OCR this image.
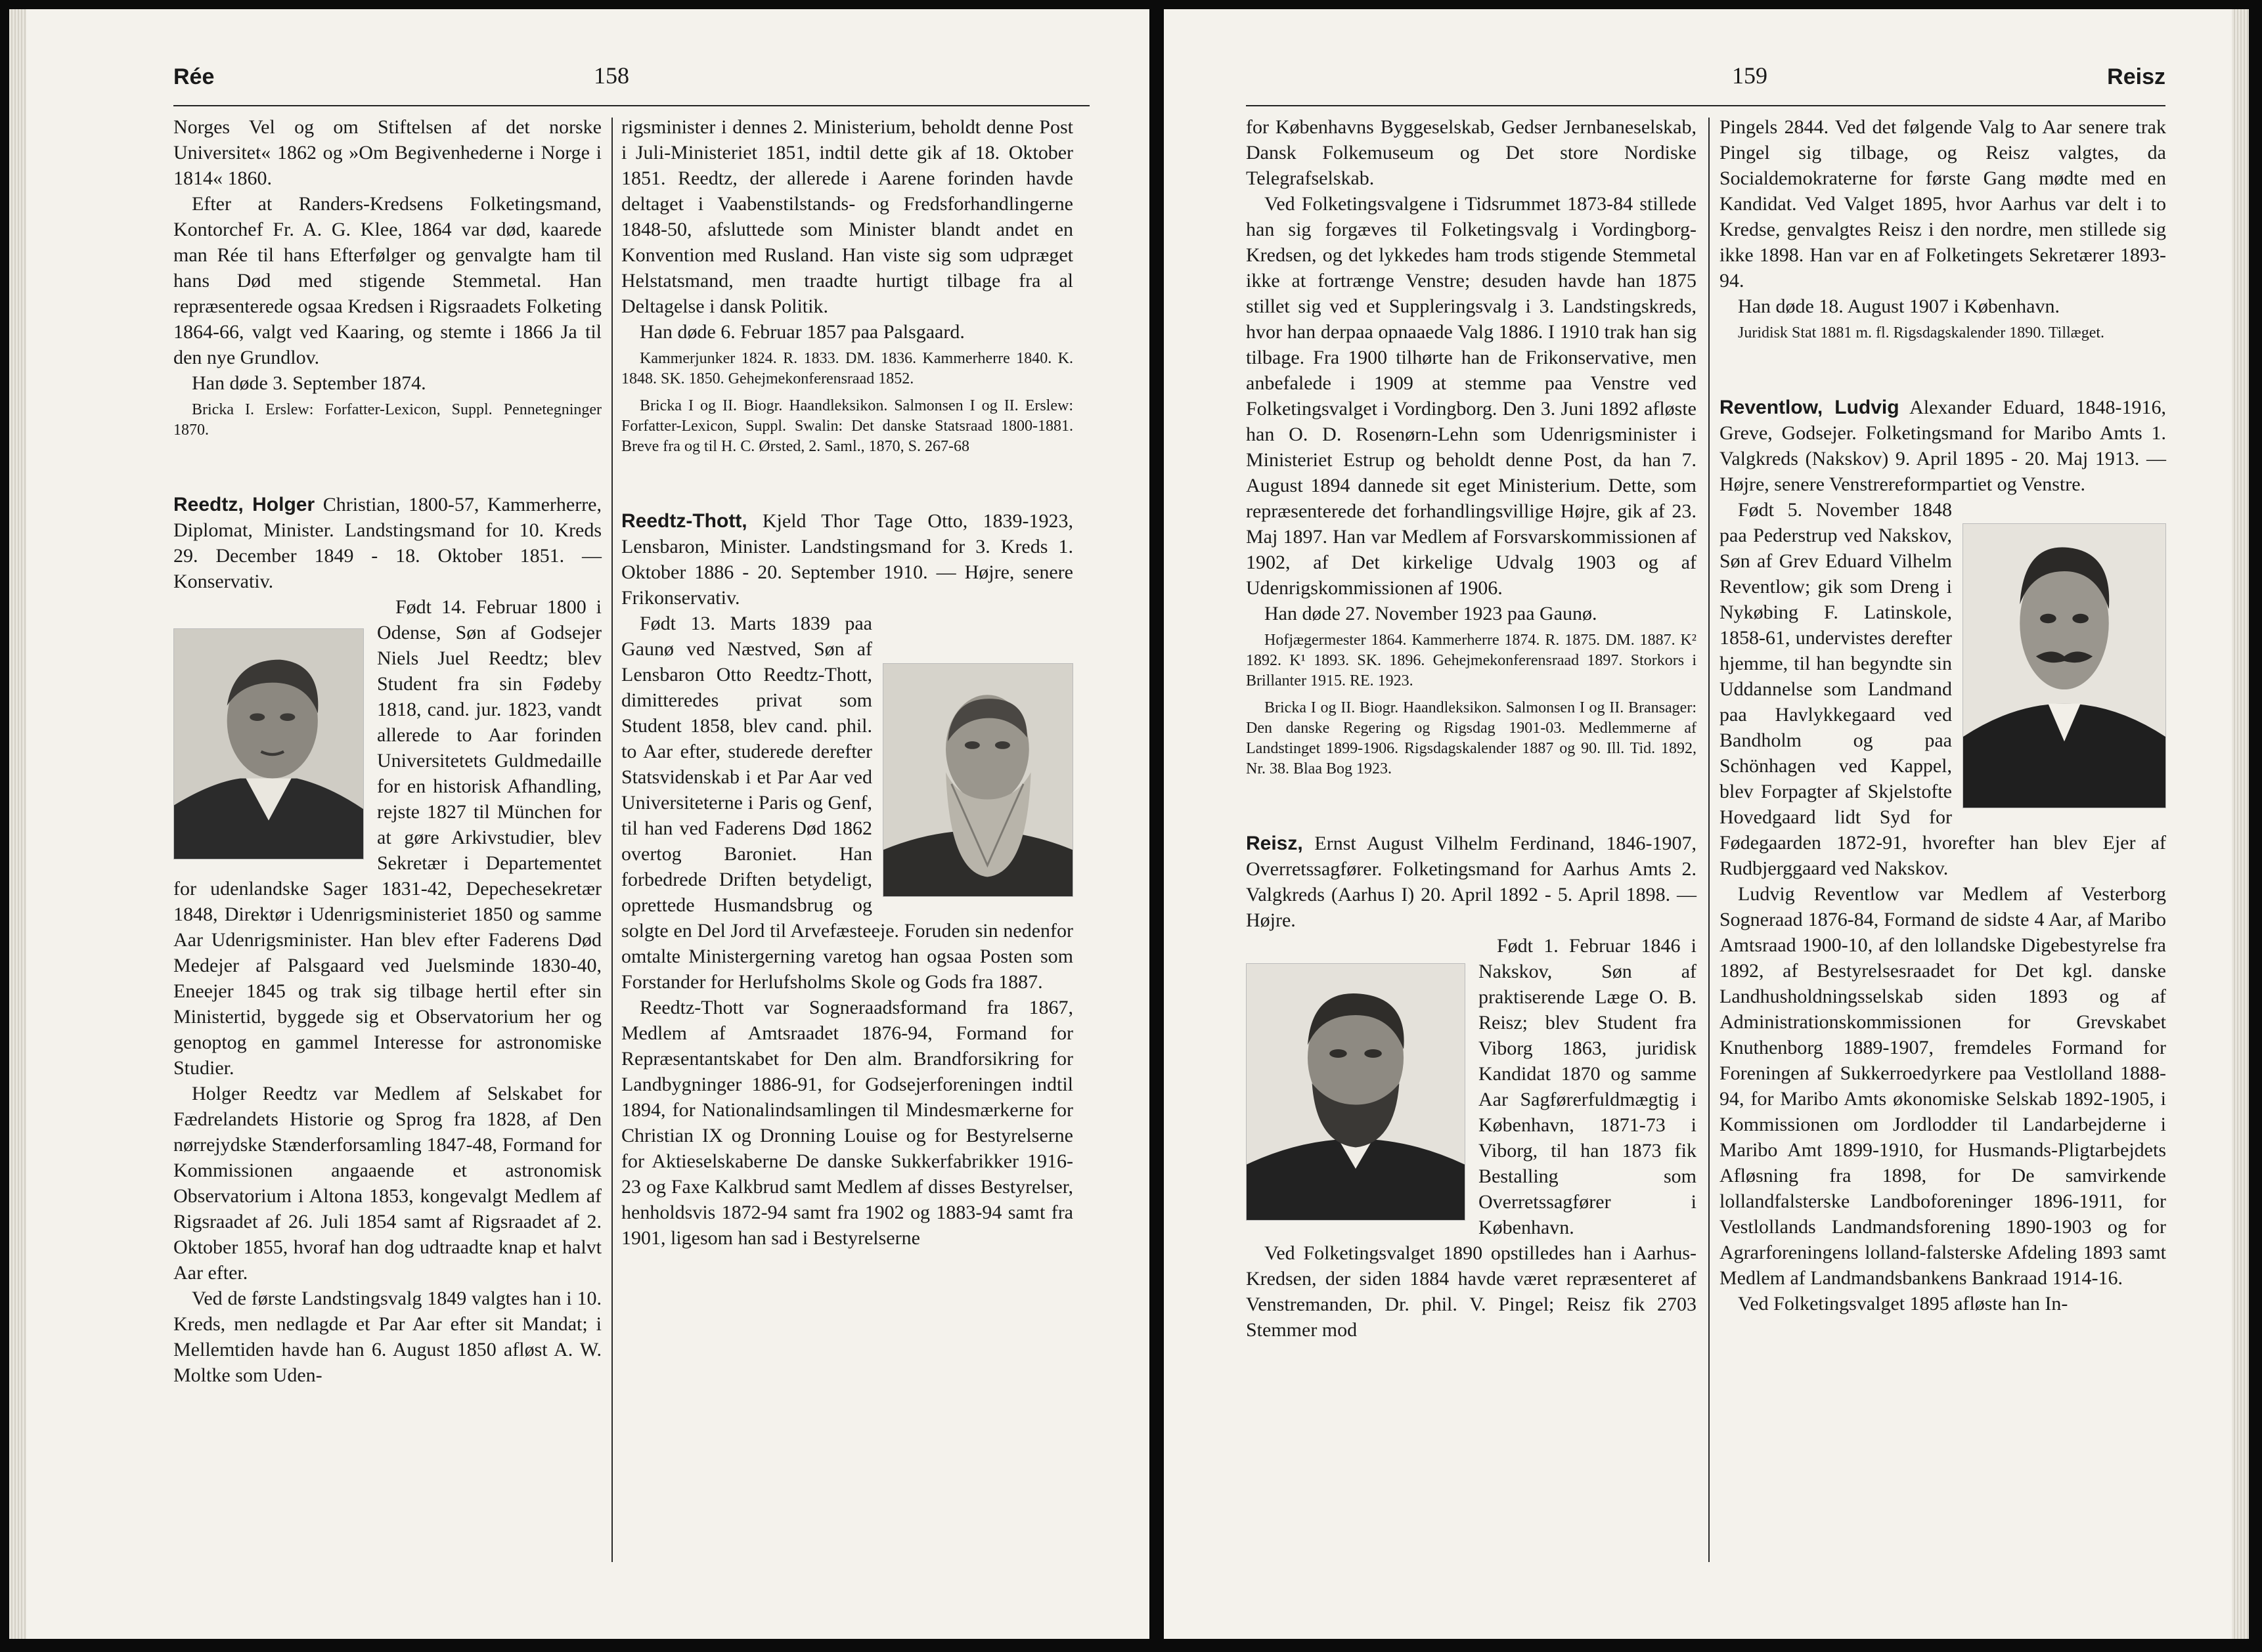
Rée	158

Norges Vel og om Stiftelsen af det norske Universitet« 1862 og »Om Begivenhederne i Norge i 1814« 1860.

Efter at Randers-Kredsens Folketingsmand, Kontorchef Fr. A. G. Klee, 1864 var død, kaarede man Rée til hans Efterfølger og genvalgte ham til hans Død med stigende Stemmetal. Han repræsenterede ogsaa Kredsen i Rigsraadets Folketing 1864-66, valgt ved Kaaring, og stemte i 1866 Ja til den nye Grundlov.

Han døde 3. September 1874.

Bricka I. Erslew: Forfatter-Lexicon, Suppl. Pennetegninger 1870.

Reedtz, Holger Christian, 1800-57, Kammerherre, Diplomat, Minister. Landstingsmand for 10. Kreds 29. December 1849 - 18. Oktober 1851. — Konservativ.

Født 14. Februar 1800 i Odense, Søn af Godsejer Niels Juel Reedtz; blev Student fra sin Fødeby 1818, cand. jur. 1823, vandt allerede to Aar forinden Universitetets Guldmedaille for en historisk Afhandling, rejste 1827 til München for at gøre Arkivstudier, blev Sekretær i Departementet for udenlandske Sager 1831-42, Depechesekretær 1848, Direktør i Udenrigsministeriet 1850 og samme Aar Udenrigsminister. Han blev efter Faderens Død Medejer af Palsgaard ved Juelsminde 1830-40, Eneejer 1845 og trak sig tilbage hertil efter sin Ministertid, byggede sig et Observatorium her og genoptog en gammel Interesse for astronomiske Studier.

Holger Reedtz var Medlem af Selskabet for Fædrelandets Historie og Sprog fra 1828, af Den nørrejydske Stænderforsamling 1847-48, Formand for Kommissionen angaaende et astronomisk Observatorium i Altona 1853, kongevalgt Medlem af Rigsraadet af 26. Juli 1854 samt af Rigsraadet af 2. Oktober 1855, hvoraf han dog udtraadte knap et halvt Aar efter.

Ved de første Landstingsvalg 1849 valgtes han i 10. Kreds, men nedlagde et Par Aar efter sit Mandat; i Mellemtiden havde han 6. August 1850 afløst A. W. Moltke som Uden-

rigsminister i dennes 2. Ministerium, beholdt denne Post i Juli-Ministeriet 1851, indtil dette gik af 18. Oktober 1851. Reedtz, der allerede i Aarene forinden havde deltaget i Vaabenstilstands- og Fredsforhandlingerne 1848-50, afsluttede som Minister blandt andet en Konvention med Rusland. Han viste sig som udpræget Helstatsmand, men traadte hurtigt tilbage fra al Deltagelse i dansk Politik.

Han døde 6. Februar 1857 paa Palsgaard.

Kammerjunker 1824. R. 1833. DM. 1836. Kammerherre 1840. K. 1848. SK. 1850. Gehejmekonferensraad 1852.

Bricka I og II. Biogr. Haandleksikon. Salmonsen I og II. Erslew: Forfatter-Lexicon, Suppl. Swalin: Det danske Statsraad 1800-1881. Breve fra og til H. C. Ørsted, 2. Saml., 1870, S. 267-68

Reedtz-Thott, Kjeld Thor Tage Otto, 1839-1923, Lensbaron, Minister. Landstingsmand for 3. Kreds 1. Oktober 1886 - 20. September 1910. — Højre, senere Frikonservativ.

Født 13. Marts 1839 paa Gaunø ved Næstved, Søn af Lensbaron Otto Reedtz-Thott, dimitteredes privat som Student 1858, blev cand. phil. to Aar efter, studerede derefter Statsvidenskab i et Par Aar ved Universiteterne i Paris og Genf, til han ved Faderens Død 1862 overtog Baroniet. Han forbedrede Driften betydeligt, oprettede Husmandsbrug og solgte en Del Jord til Arvefæsteeje. Foruden sin nedenfor omtalte Ministergerning varetog han ogsaa Posten som Forstander for Herlufsholms Skole og Gods fra 1887.

Reedtz-Thott var Sogneraadsformand fra 1867, Medlem af Amtsraadet 1876-94, Formand for Repræsentantskabet for Den alm. Brandforsikring for Landbygninger 1886-91, for Godsejerforeningen indtil 1894, for Nationalindsamlingen til Mindesmærkerne for Christian IX og Dronning Louise og for Bestyrelserne for Aktieselskaberne De danske Sukkerfabrikker 1916-23 og Faxe Kalkbrud samt Medlem af disses Bestyrelser, henholdsvis 1872-94 samt fra 1902 og 1883-94 samt fra 1901, ligesom han sad i Bestyrelserne

159	Reisz

for Københavns Byggeselskab, Gedser Jernbaneselskab, Dansk Folkemuseum og Det store Nordiske Telegrafselskab.

Ved Folketingsvalgene i Tidsrummet 1873-84 stillede han sig forgæves til Folketingsvalg i Vordingborg-Kredsen, og det lykkedes ham trods stigende Stemmetal ikke at fortrænge Venstre; desuden havde han 1875 stillet sig ved et Suppleringsvalg i 3. Landstingskreds, hvor han derpaa opnaaede Valg 1886. I 1910 trak han sig tilbage. Fra 1900 tilhørte han de Frikonservative, men anbefalede i 1909 at stemme paa Venstre ved Folketingsvalget i Vordingborg. Den 3. Juni 1892 afløste han O. D. Rosenørn-Lehn som Udenrigsminister i Ministeriet Estrup og beholdt denne Post, da han 7. August 1894 dannede sit eget Ministerium. Dette, som repræsenterede det forhandlingsvillige Højre, gik af 23. Maj 1897. Han var Medlem af Forsvarskommissionen af 1902, af Det kirkelige Udvalg 1903 og af Udenrigskommissionen af 1906.

Han døde 27. November 1923 paa Gaunø.

Hofjægermester 1864. Kammerherre 1874. R. 1875. DM. 1887. K² 1892. K¹ 1893. SK. 1896. Gehejmekonferensraad 1897. Storkors i Brillanter 1915. RE. 1923.

Bricka I og II. Biogr. Haandleksikon. Salmonsen I og II. Bransager: Den danske Regering og Rigsdag 1901-03. Medlemmerne af Landstinget 1899-1906. Rigsdagskalender 1887 og 90. Ill. Tid. 1892, Nr. 38. Blaa Bog 1923.

Reisz, Ernst August Vilhelm Ferdinand, 1846-1907, Overretssagfører. Folketingsmand for Aarhus Amts 2. Valgkreds (Aarhus I) 20. April 1892 - 5. April 1898. — Højre.

Født 1. Februar 1846 i Nakskov, Søn af praktiserende Læge O. B. Reisz; blev Student fra Viborg 1863, juridisk Kandidat 1870 og samme Aar Sagførerfuldmægtig i København, 1871-73 i Viborg, til han 1873 fik Bestalling som Overretssagfører i København.

Ved Folketingsvalget 1890 opstilledes han i Aarhus-Kredsen, der siden 1884 havde været repræsenteret af Venstremanden, Dr. phil. V. Pingel; Reisz fik 2703 Stemmer mod

Pingels 2844. Ved det følgende Valg to Aar senere trak Pingel sig tilbage, og Reisz valgtes, da Socialdemokraterne for første Gang mødte med en Kandidat. Ved Valget 1895, hvor Aarhus var delt i to Kredse, genvalgtes Reisz i den nordre, men stillede sig ikke 1898. Han var en af Folketingets Sekretærer 1893-94.

Han døde 18. August 1907 i København.

Juridisk Stat 1881 m. fl. Rigsdagskalender 1890. Tillæget.

Reventlow, Ludvig Alexander Eduard, 1848-1916, Greve, Godsejer. Folketingsmand for Maribo Amts 1. Valgkreds (Nakskov) 9. April 1895 - 20. Maj 1913. — Højre, senere Venstrereformpartiet og Venstre.

Født 5. November 1848 paa Pederstrup ved Nakskov, Søn af Grev Eduard Vilhelm Reventlow; gik som Dreng i Nykøbing F. Latinskole, 1858-61, undervistes derefter hjemme, til han begyndte sin Uddannelse som Landmand paa Havlykkegaard ved Bandholm og paa Schönhagen ved Kappel, blev Forpagter af Skjelstofte Hovedgaard lidt Syd for Fødegaarden 1872-91, hvorefter han blev Ejer af Rudbjerggaard ved Nakskov.

Ludvig Reventlow var Medlem af Vesterborg Sogneraad 1876-84, Formand de sidste 4 Aar, af Maribo Amtsraad 1900-10, af den lollandske Digebestyrelse fra 1892, af Bestyrelsesraadet for Det kgl. danske Landhusholdningsselskab siden 1893 og af Administrationskommissionen for Grevskabet Knuthenborg 1889-1907, fremdeles Formand for Foreningen af Sukkerroedyrkere paa Vestlolland 1888-94, for Maribo Amts økonomiske Selskab 1892-1905, i Kommissionen om Jordlodder til Landarbejderne i Maribo Amt 1899-1910, for Husmands-Pligtarbejdets Afløsning fra 1898, for De samvirkende lollandfalsterske Landboforeninger 1896-1911, for Vestlollands Landmandsforening 1890-1903 og for Agrarforeningens lolland-falsterske Afdeling 1893 samt Medlem af Landmandsbankens Bankraad 1914-16.

Ved Folketingsvalget 1895 afløste han In-
